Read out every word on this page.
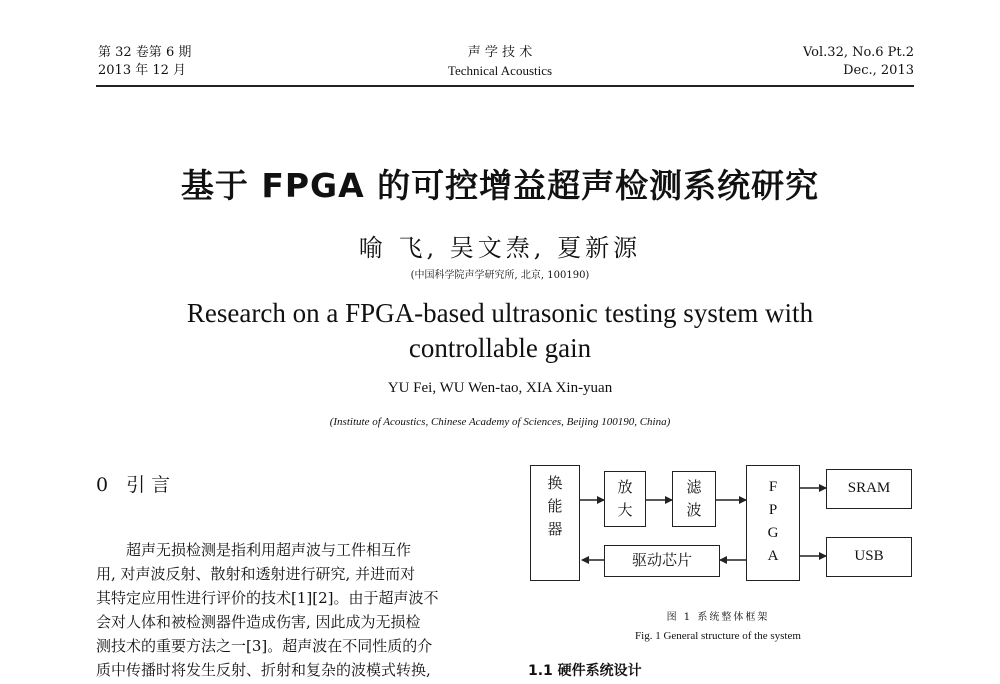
第 32 卷第 6 期
2013 年 12 月
声 学 技 术
Technical Acoustics
Vol.32, No.6 Pt.2
Dec., 2013
基于 FPGA 的可控增益超声检测系统研究
喻 飞, 吴文焘, 夏新源
(中国科学院声学研究所, 北京, 100190)
Research on a FPGA-based ultrasonic testing system with
controllable gain
YU Fei, WU Wen-tao, XIA Xin-yuan
(Institute of Acoustics, Chinese Academy of Sciences, Beijing 100190, China)
0 引言

超声无损检测是指利用超声波与工件相互作

用, 对声波反射、散射和透射进行研究, 并进而对
其特定应用性进行评价的技术[1][2]。由于超声波不
会对人体和被检测器件造成伤害, 因此成为无损检
测技术的重要方法之一[3]。超声波在不同性质的介
质中传播时将发生反射、折射和复杂的波模式转换,
换
能
器
放
大
滤
波
F
P
G
A
SRAM
USB
驱动芯片
图 1 系统整体框架
Fig. 1 General structure of the system
1.1 硬件系统设计
